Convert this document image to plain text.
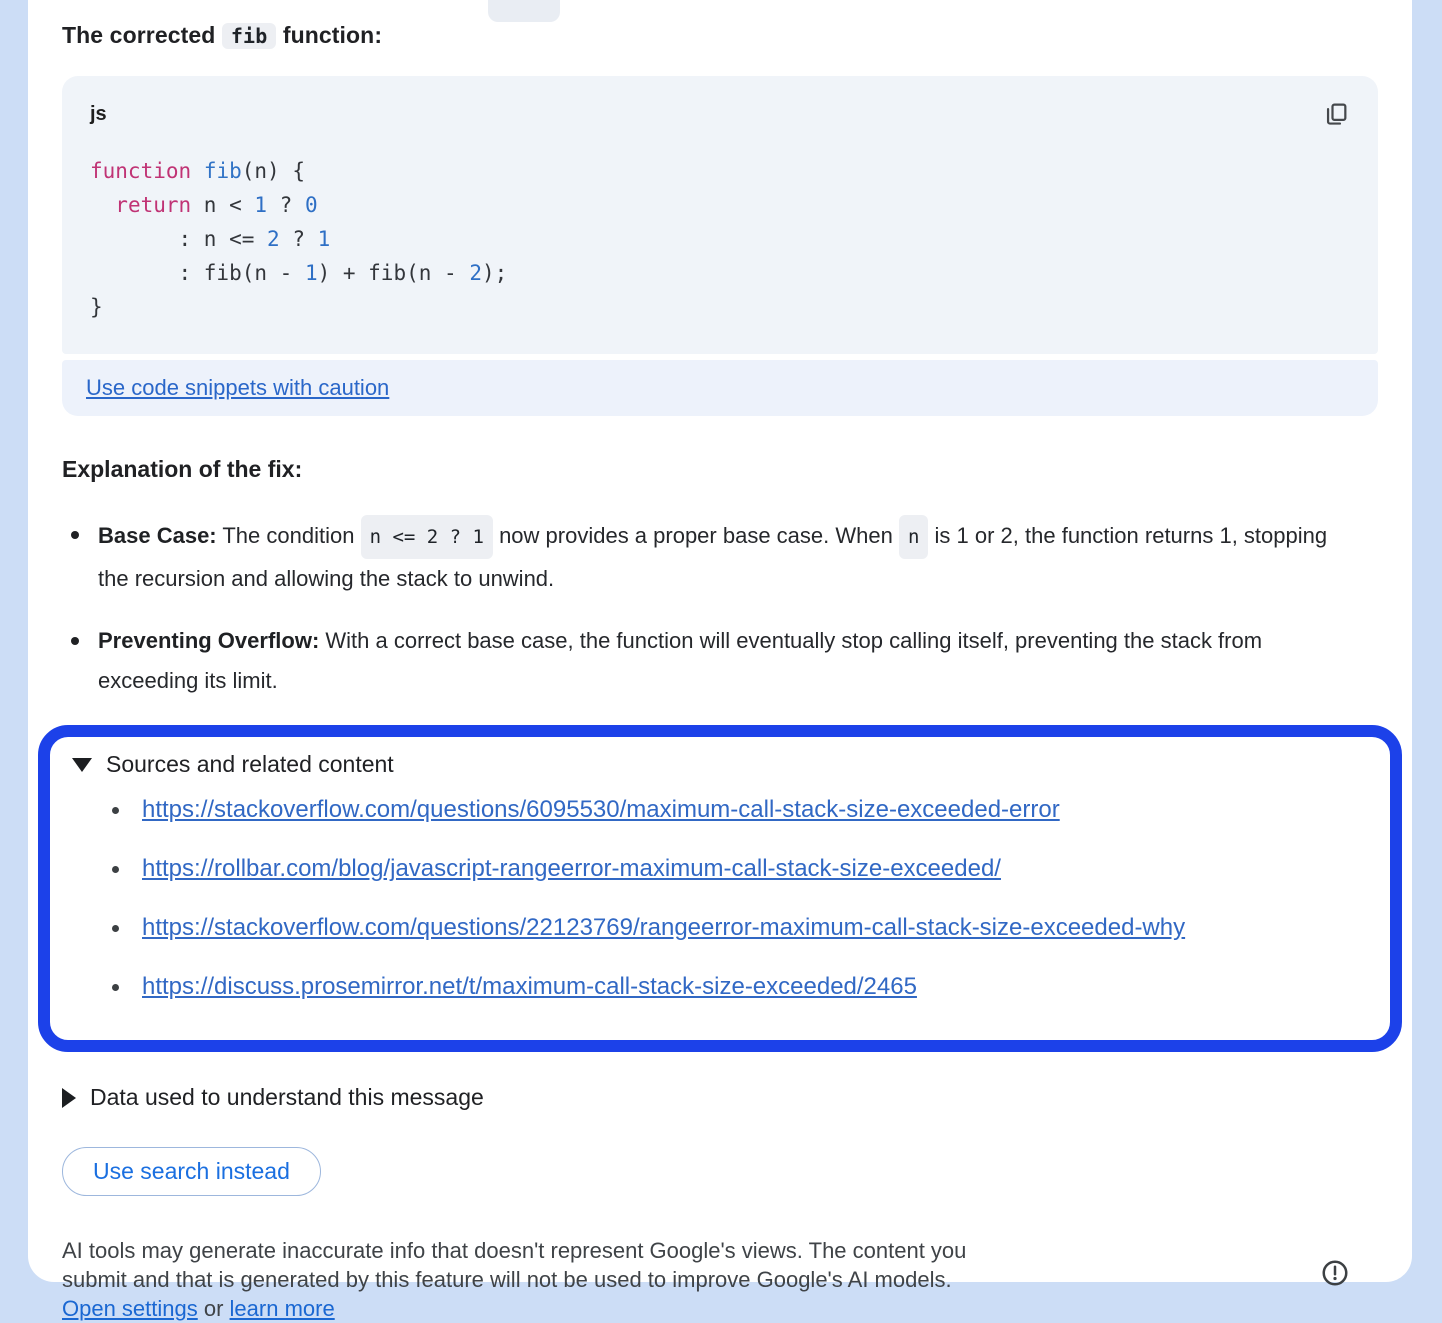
The corrected fib function:

js
function fib(n) {
return n < 1 ? 0
: n <= 2 ? 1
: fib(n - 1) + fib(n - 2);
}
Use code snippets with caution
Explanation of the fix:
Base Case: The condition n <= 2 ? 1 now provides a proper base case. When n is 1 or 2, the function returns 1, stopping the recursion and allowing the stack to unwind.
Preventing Overflow: With a correct base case, the function will eventually stop calling itself, preventing the stack from exceeding its limit.
Sources and related content
https://stackoverflow.com/questions/6095530/maximum-call-stack-size-exceeded-error
https://rollbar.com/blog/javascript-rangeerror-maximum-call-stack-size-exceeded/
https://stackoverflow.com/questions/22123769/rangeerror-maximum-call-stack-size-exceeded-why
https://discuss.prosemirror.net/t/maximum-call-stack-size-exceeded/2465
Data used to understand this message
Use search instead
AI tools may generate inaccurate info that doesn't represent Google's views. The content you
submit and that is generated by this feature will not be used to improve Google's AI models.
Open settings or learn more
